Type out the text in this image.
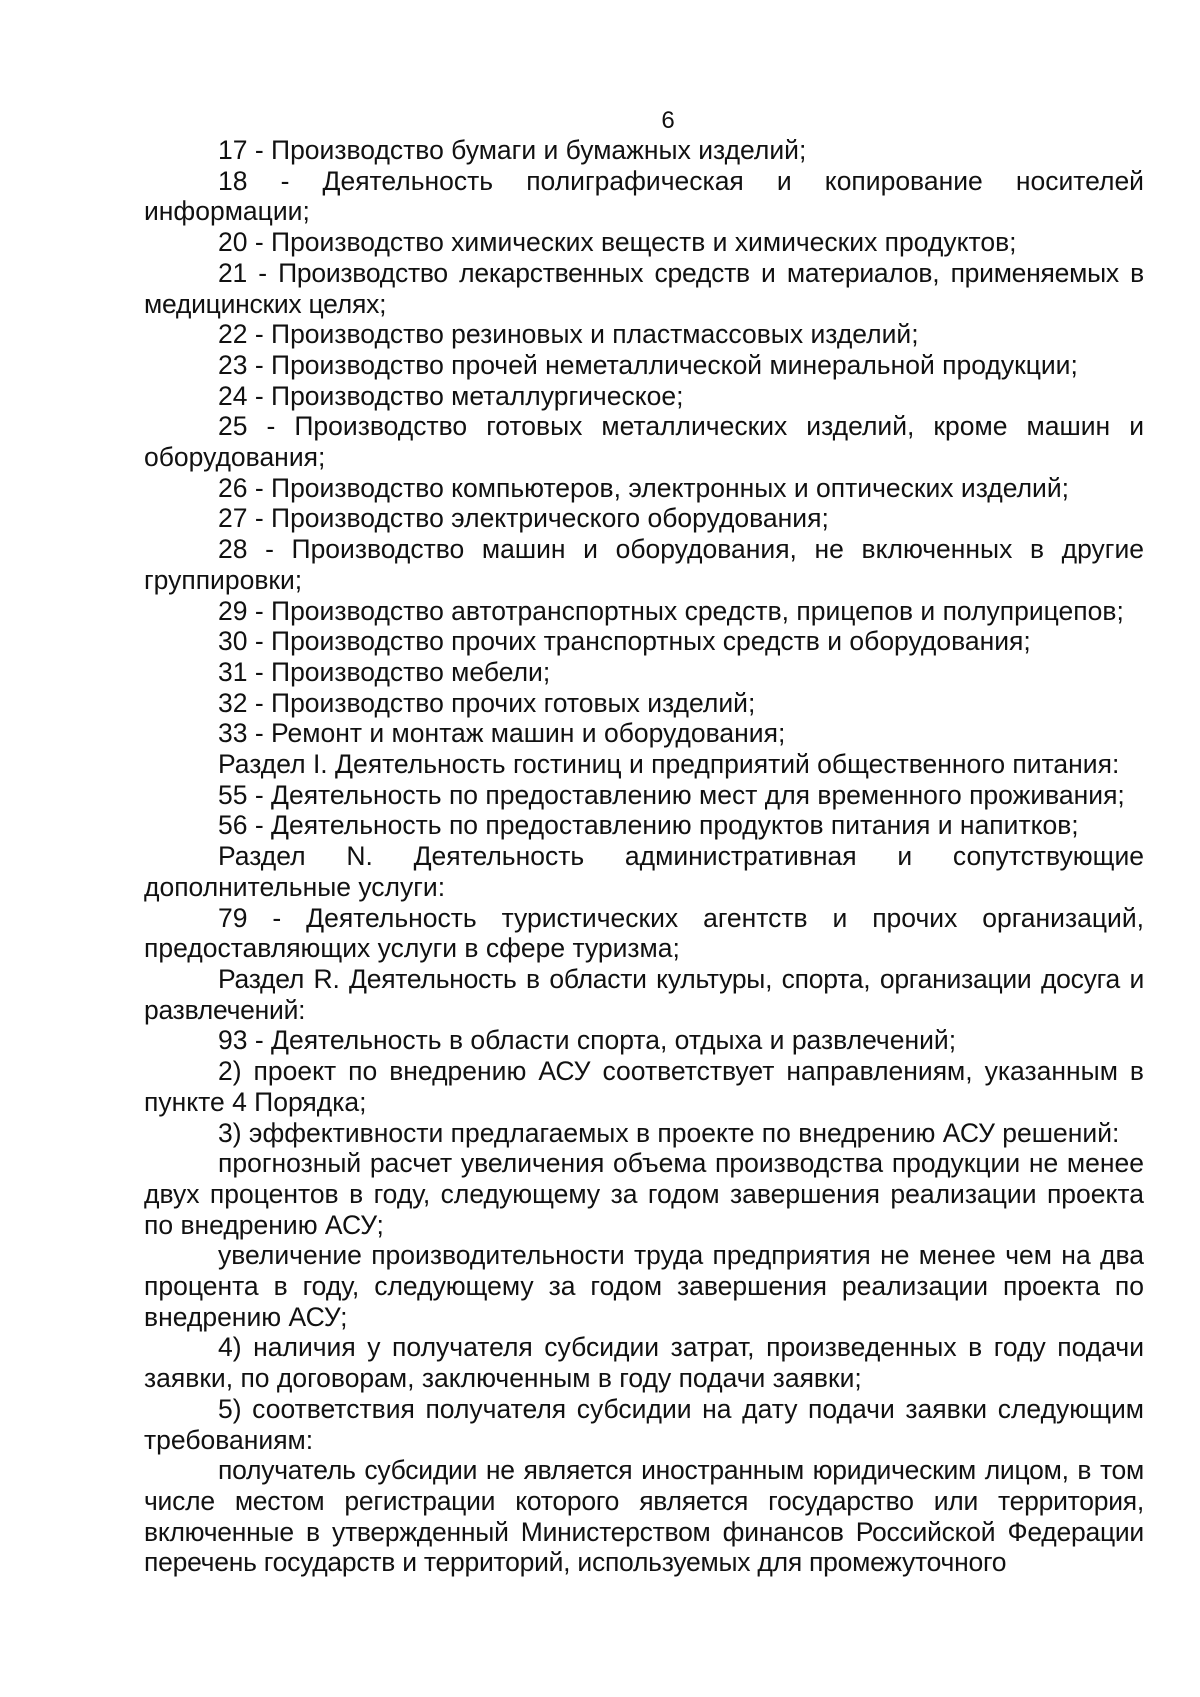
6

17 - Производство бумаги и бумажных изделий;

18 - Деятельность полиграфическая и копирование носителей информации;

20 - Производство химических веществ и химических продуктов;

21 - Производство лекарственных средств и материалов, применяемых в медицинских целях;

22 - Производство резиновых и пластмассовых изделий;

23 - Производство прочей неметаллической минеральной продукции;

24 - Производство металлургическое;

25 - Производство готовых металлических изделий, кроме машин и оборудования;

26 - Производство компьютеров, электронных и оптических изделий;

27 - Производство электрического оборудования;

28 - Производство машин и оборудования, не включенных в другие группировки;

29 - Производство автотранспортных средств, прицепов и полуприцепов;

30 - Производство прочих транспортных средств и оборудования;

31 - Производство мебели;

32 - Производство прочих готовых изделий;

33 - Ремонт и монтаж машин и оборудования;

Раздел I. Деятельность гостиниц и предприятий общественного питания:

55 - Деятельность по предоставлению мест для временного проживания;

56 - Деятельность по предоставлению продуктов питания и напитков;

Раздел N. Деятельность административная и сопутствующие дополнительные услуги:

79 - Деятельность туристических агентств и прочих организаций, предоставляющих услуги в сфере туризма;

Раздел R. Деятельность в области культуры, спорта, организации досуга и развлечений:

93 - Деятельность в области спорта, отдыха и развлечений;

2) проект по внедрению АСУ соответствует направлениям, указанным в пункте 4 Порядка;

3) эффективности предлагаемых в проекте по внедрению АСУ решений:

прогнозный расчет увеличения объема производства продукции не менее двух процентов в году, следующему за годом завершения реализации проекта по внедрению АСУ;

увеличение производительности труда предприятия не менее чем на два процента в году, следующему за годом завершения реализации проекта по внедрению АСУ;

4) наличия у получателя субсидии затрат, произведенных в году подачи заявки, по договорам, заключенным в году подачи заявки;

5) соответствия получателя субсидии на дату подачи заявки следующим требованиям:

получатель субсидии не является иностранным юридическим лицом, в том числе местом регистрации которого является государство или территория, включенные в утвержденный Министерством финансов Российской Федерации перечень государств и территорий, используемых для промежуточного
